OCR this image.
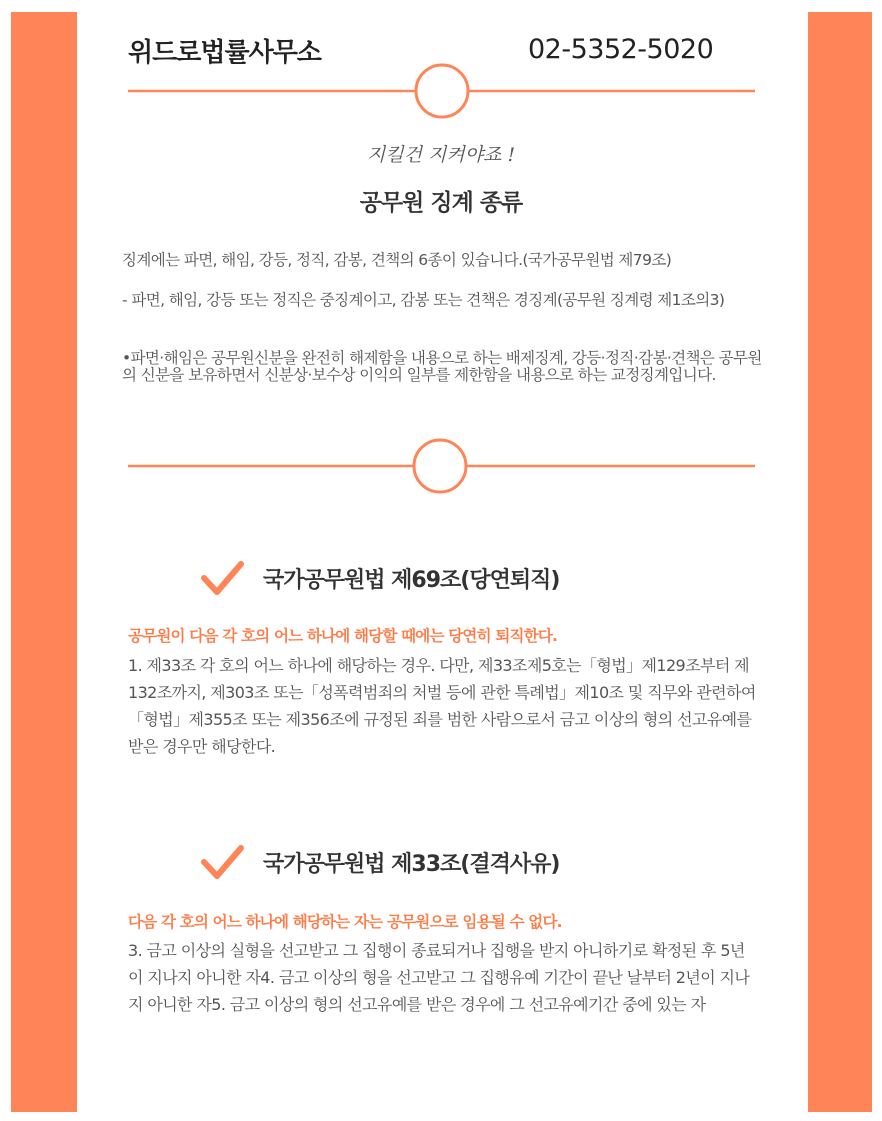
위드로법률사무소	02-5352-5020
지킬건 지켜야죠 !
공무원 징계 종류
징계에는 파면, 해임, 강등, 정직, 감봉, 견책의 6종이 있습니다.(국가공무원법 제79조)
- 파면, 해임, 강등 또는 정직은 중징계이고, 감봉 또는 견책은 경징계(공무원 징계령 제1조의3)
•파면·해임은 공무원신분을 완전히 해제함을 내용으로 하는 배제징계, 강등·정직·감봉·견책은 공무원의 신분을 보유하면서 신분상·보수상 이익의 일부를 제한함을 내용으로 하는 교정징계입니다.
국가공무원법 제69조(당연퇴직)
공무원이 다음 각 호의 어느 하나에 해당할 때에는 당연히 퇴직한다.
1. 제33조 각 호의 어느 하나에 해당하는 경우. 다만, 제33조제5호는「형법」제129조부터 제132조까지, 제303조 또는「성폭력범죄의 처벌 등에 관한 특례법」제10조 및 직무와 관련하여 「형법」제355조 또는 제356조에 규정된 죄를 범한 사람으로서 금고 이상의 형의 선고유예를 받은 경우만 해당한다.
국가공무원법 제33조(결격사유)
다음 각 호의 어느 하나에 해당하는 자는 공무원으로 임용될 수 없다.
3. 금고 이상의 실형을 선고받고 그 집행이 종료되거나 집행을 받지 아니하기로 확정된 후 5년이 지나지 아니한 자4. 금고 이상의 형을 선고받고 그 집행유예 기간이 끝난 날부터 2년이 지나지 아니한 자5. 금고 이상의 형의 선고유예를 받은 경우에 그 선고유예기간 중에 있는 자
